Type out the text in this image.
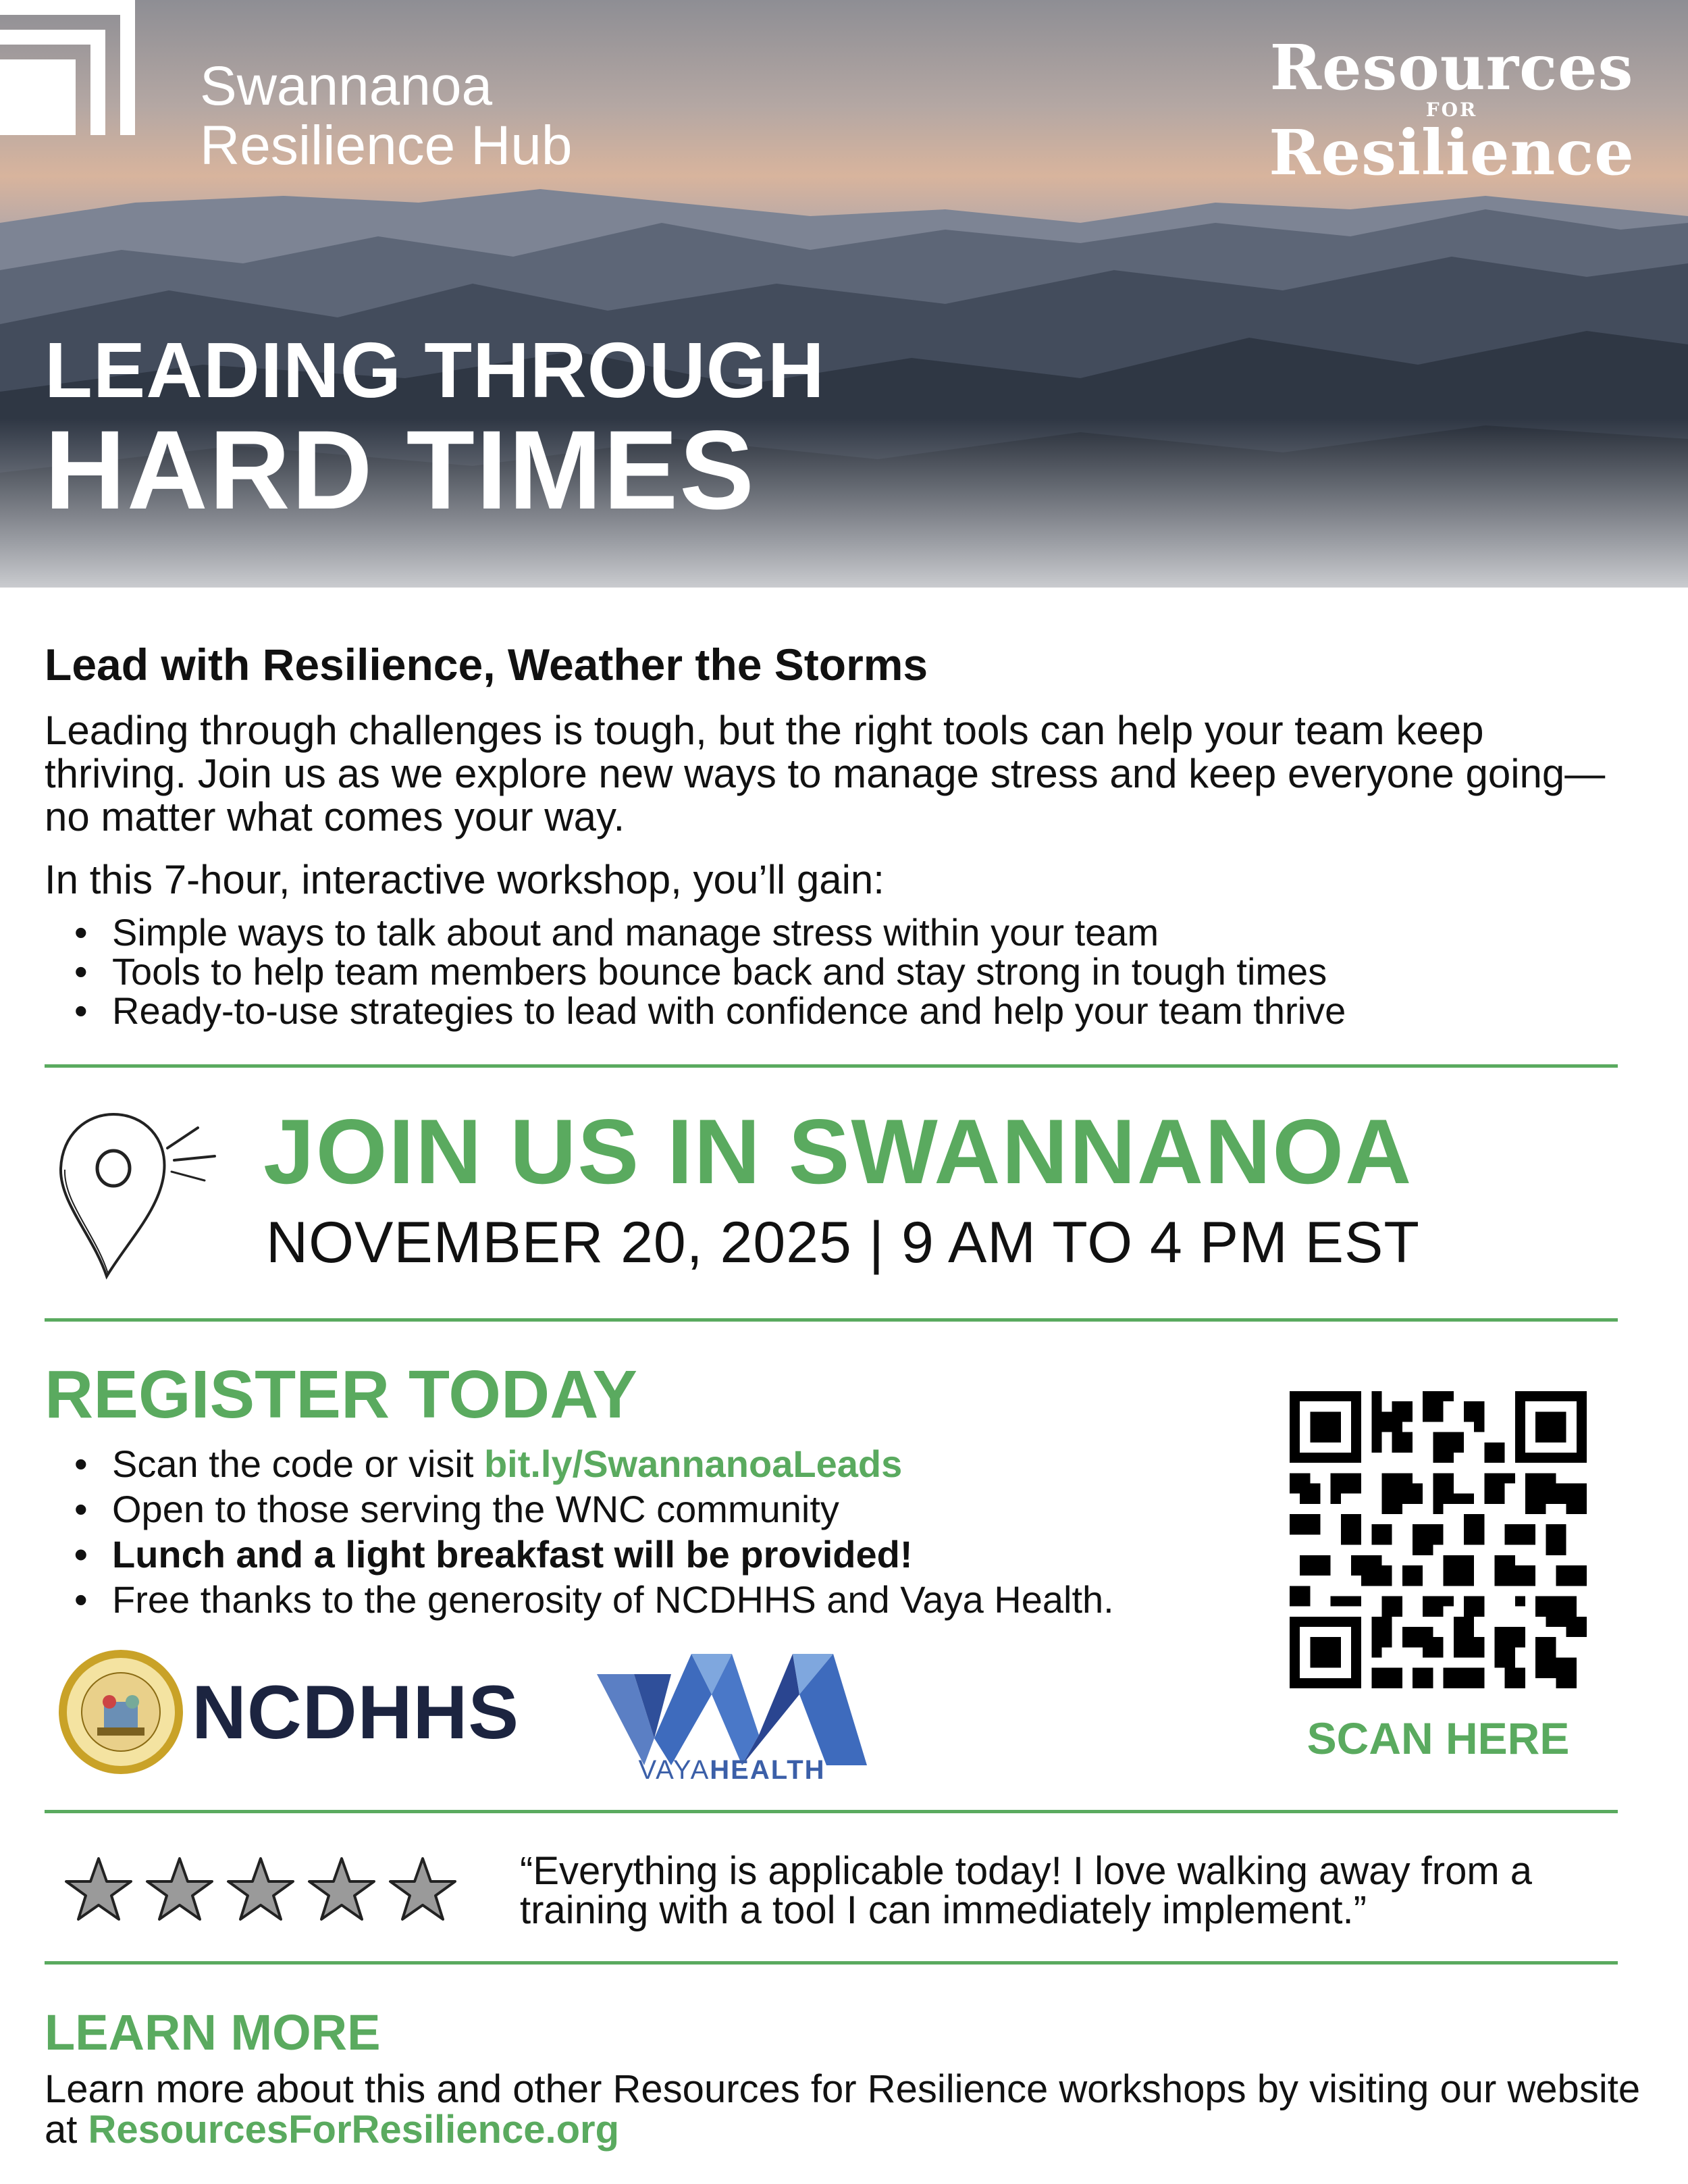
Swannanoa
Resilience Hub
Resources
FOR
Resilience
LEADING THROUGH
HARD TIMES
Lead with Resilience, Weather the Storms
Leading through challenges is tough, but the right tools can help your team keep thriving. Join us as we explore new ways to manage stress and keep everyone going—no matter what comes your way.
In this 7-hour, interactive workshop, you’ll gain:
• Simple ways to talk about and manage stress within your team
• Tools to help team members bounce back and stay strong in tough times
• Ready-to-use strategies to lead with confidence and help your team thrive
JOIN US IN SWANNANOA
NOVEMBER 20, 2025 | 9 AM TO 4 PM EST
REGISTER TODAY
• Scan the code or visit bit.ly/SwannanoaLeads
• Open to those serving the WNC community
• Lunch and a light breakfast will be provided!
• Free thanks to the generosity of NCDHHS and Vaya Health.
SCAN HERE
NCDHHS
VAYAHEALTH
“Everything is applicable today! I love walking away from a training with a tool I can immediately implement.”
LEARN MORE
Learn more about this and other Resources for Resilience workshops by visiting our website at ResourcesForResilience.org
